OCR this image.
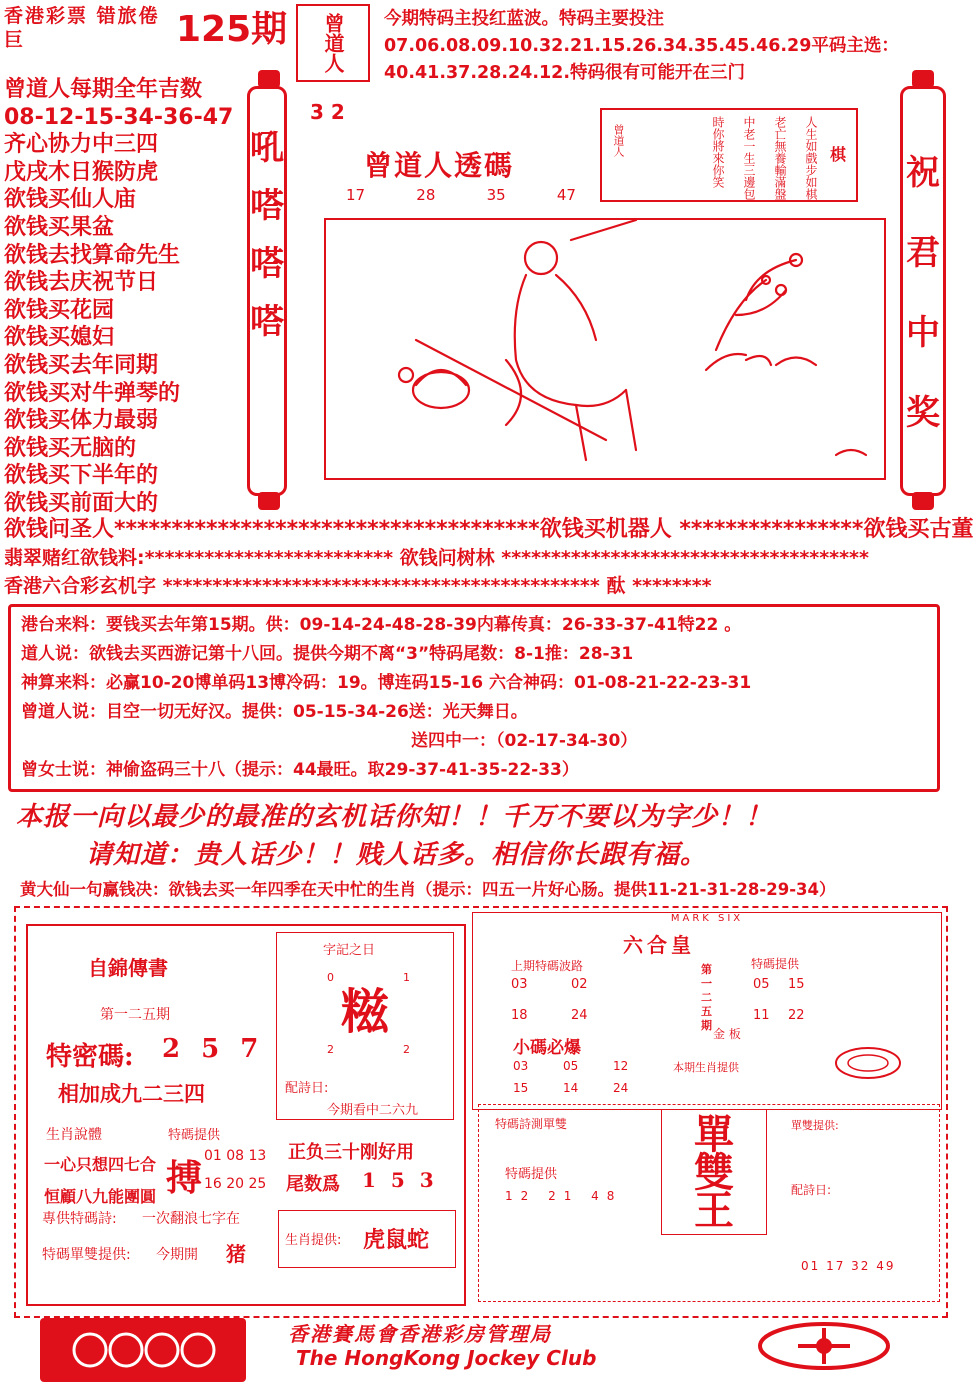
香港彩票 错旅倦巨	125期 曾道人 今期特码主投红蓝波。特码主要投注07.06.08.09.10.32.21.15.26.34.35.45.46.29平码主选：40.41.37.28.24.12.特码很有可能开在三门
曾道人每期全年吉数
08-12-15-34-36-47
齐心协力中三四
戊戌木日猴防虎
欲钱买仙人庙
欲钱买果盆
欲钱去找算命先生
欲钱去庆祝节日
欲钱买花园
欲钱买媳妇
欲钱买去年同期
欲钱买对牛弹琴的
欲钱买体力最弱
欲钱买无脑的
欲钱买下半年的
欲钱买前面大的
吼
嗒
嗒
嗒
3 2
曾道人透碼
17	28	35	47	人生如戲步如棋
老亡無養輸滿盤
中老一生三邊包
時你將來你笑	棋
曾道人
祝
君
中
奖
欲钱问圣人*************************************欲钱买机器人 ****************欲钱买古董
翡翠赌红欲钱料:************************* 欲钱问树林 *************************************
香港六合彩玄机字 ******************************************** 酞 ********
港台来料：要钱买去年第15期。供：09-14-24-48-28-39内幕传真：26-33-37-41特22 。
道人说：欲钱去买西游记第十八回。提供今期不离“3”特码尾数：8-1推：28-31
神算来料：必赢10-20博单码13博冷码：19。博连码15-16 六合神码：01-08-21-22-23-31
曾道人说：目空一切无好汉。提供：05-15-34-26送：光天舞日。
送四中一：（02-17-34-30）
曾女士说：神偷盗码三十八（提示：44最旺。取29-37-41-35-22-33）
本报一向以最少的最准的玄机话你知！！千万不要以为字少！！
请知道：贵人话少！！贱人话多。相信你长跟有福。
黄大仙一句赢钱决：欲钱去买一年四季在天中忙的生肖（提示：四五一片好心肠。提供11-21-31-28-29-34）
自錦傳書
第一二五期
特密碼: 2 5 7
相加成九二三四
生肖說體
一心只想四七合
恒顧八九能團圓
特碼提供
搏
01 08 13
16 20 25
專供特碼詩: 一次翻浪七字在
特碼單雙提供: 今期開 猪
字記之日
0	1
糍
2	2
配詩日:
今期看中二六九
正负三十刚好用
尾数爲 1 5 3
生肖提供: 虎鼠蛇
MARK SIX
六合皇
上期特碼波路	特碼提供
03	02
18	24
第一二五期
05	15
11	22
金 板
小碼必爆
03	05	12
15	14	24
本期生肖提供
特碼詩測單雙
特碼提供
12 21 48
單雙王
單雙提供:
配詩日:
01 17 32 49
香港賽馬會香港彩房管理局
The HongKong Jockey Club
